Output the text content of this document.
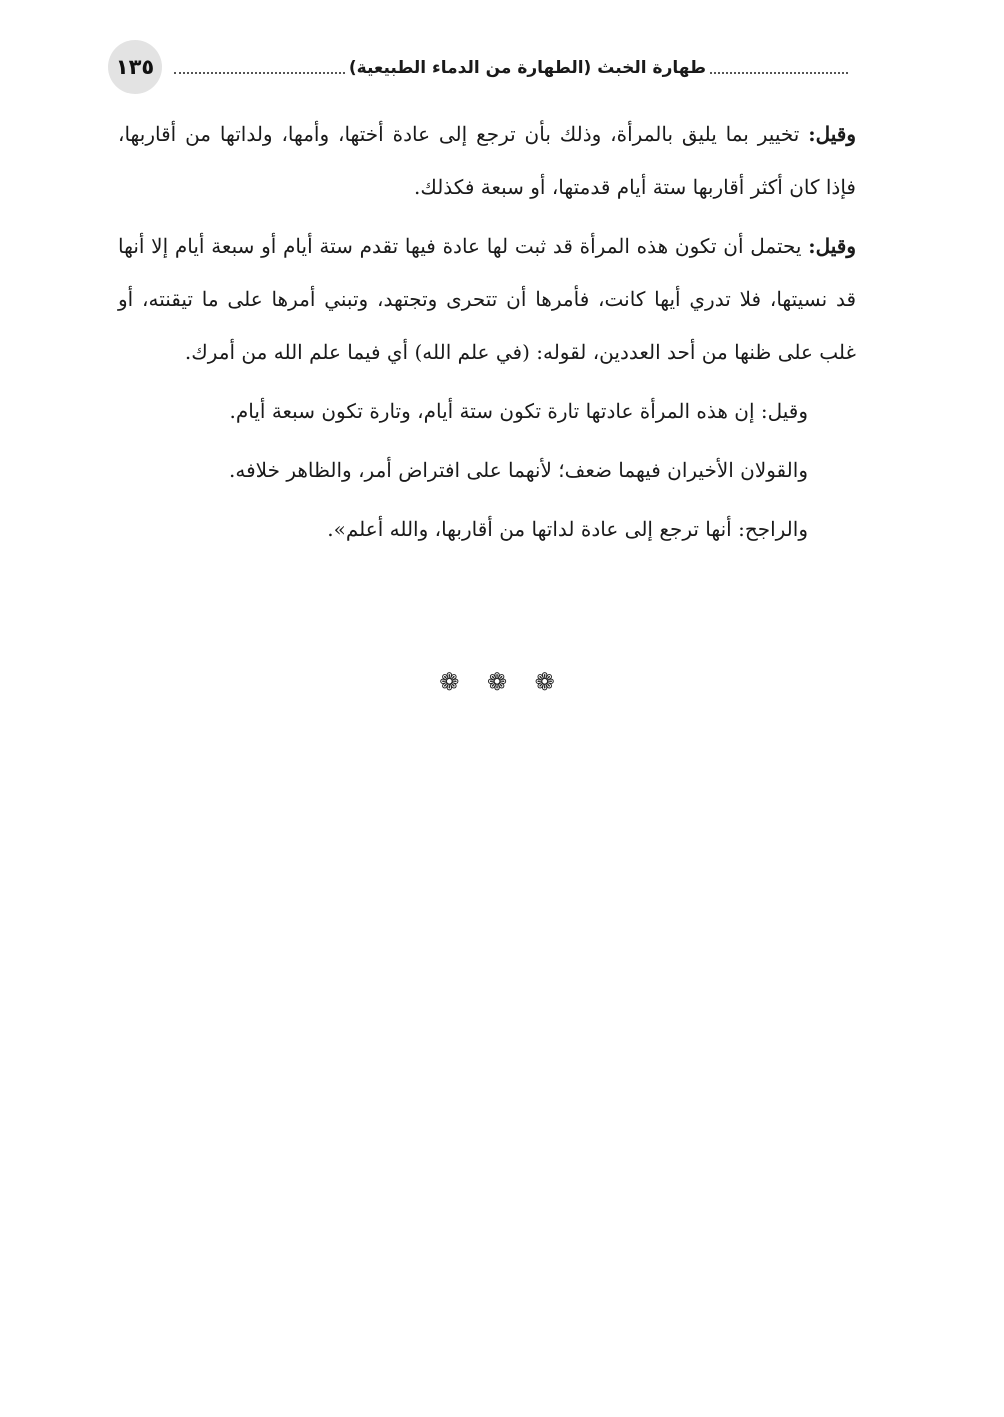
١٣٥	طهارة الخبث (الطهارة من الدماء الطبيعية)

وقيل: تخيير بما يليق بالمرأة، وذلك بأن ترجع إلى عادة أختها، وأمها، ولداتها من أقاربها، فإذا كان أكثر أقاربها ستة أيام قدمتها، أو سبعة فكذلك.

وقيل: يحتمل أن تكون هذه المرأة قد ثبت لها عادة فيها تقدم ستة أيام أو سبعة أيام إلا أنها قد نسيتها، فلا تدري أيها كانت، فأمرها أن تتحرى وتجتهد، وتبني أمرها على ما تيقنته، أو غلب على ظنها من أحد العددين، لقوله: (في علم الله) أي فيما علم الله من أمرك.

وقيل: إن هذه المرأة عادتها تارة تكون ستة أيام، وتارة تكون سبعة أيام.

والقولان الأخيران فيهما ضعف؛ لأنهما على افتراض أمر، والظاهر خلافه.

والراجح: أنها ترجع إلى عادة لداتها من أقاربها، والله أعلم».

❁ ❁ ❁
